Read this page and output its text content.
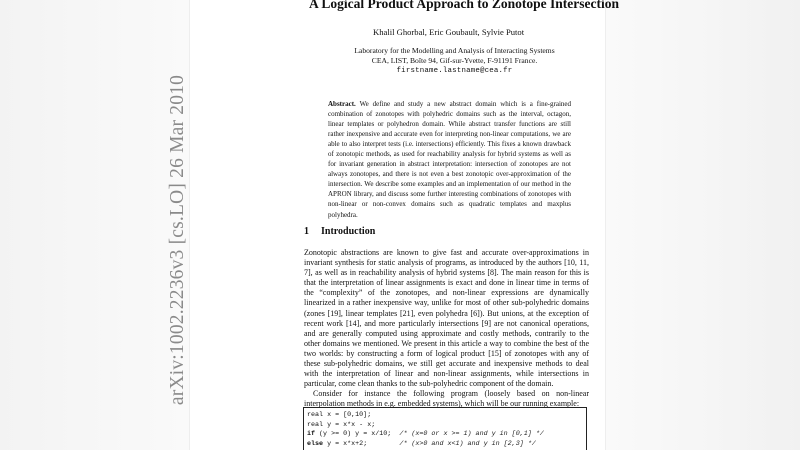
arXiv:1002.2236v3 [cs.LO] 26 Mar 2010
A Logical Product Approach to Zonotope Intersection
Khalil Ghorbal, Eric Goubault, Sylvie Putot
Laboratory for the Modelling and Analysis of Interacting Systems
CEA, LIST, Boîte 94, Gif-sur-Yvette, F-91191 France.
firstname.lastname@cea.fr
Abstract. We define and study a new abstract domain which is a fine-grained combination of zonotopes with polyhedric domains such as the interval, octagon, linear templates or polyhedron domain. While abstract transfer functions are still rather inexpensive and accurate even for interpreting non-linear computations, we are able to also interpret tests (i.e. intersections) efficiently. This fixes a known drawback of zonotopic methods, as used for reachability analysis for hybrid systems as well as for invariant generation in abstract interpretation: intersection of zonotopes are not always zonotopes, and there is not even a best zonotopic over-approximation of the intersection. We describe some examples and an implementation of our method in the APRON library, and discuss some further interesting combinations of zonotopes with non-linear or non-convex domains such as quadratic templates and maxplus polyhedra.
1 Introduction

Zonotopic abstractions are known to give fast and accurate over-approximations in invariant synthesis for static analysis of programs, as introduced by the authors [10, 11, 7], as well as in reachability analysis of hybrid systems [8]. The main reason for this is that the interpretation of linear assignments is exact and done in linear time in terms of the “complexity” of the zonotopes, and non-linear expressions are dynamically linearized in a rather inexpensive way, unlike for most of other sub-polyhedric domains (zones [19], linear templates [21], even polyhedra [6]). But unions, at the exception of recent work [14], and more particularly intersections [9] are not canonical operations, and are generally computed using approximate and costly methods, contrarily to the other domains we mentioned. We present in this article a way to combine the best of the two worlds: by constructing a form of logical product [15] of zonotopes with any of these sub-polyhedric domains, we still get accurate and inexpensive methods to deal with the interpretation of linear and non-linear assignments, while intersections in particular, come clean thanks to the sub-polyhedric component of the domain.

Consider for instance the following program (loosely based on non-linear interpolation methods in e.g. embedded systems), which will be our running example:

real x = [0,10];
real y = x*x - x;
if (y >= 0) y = x/10;  /* (x=0 or x >= 1) and y in [0,1] */
else y = x*x+2;        /* (x>0 and x<1) and y in [2,3] */
